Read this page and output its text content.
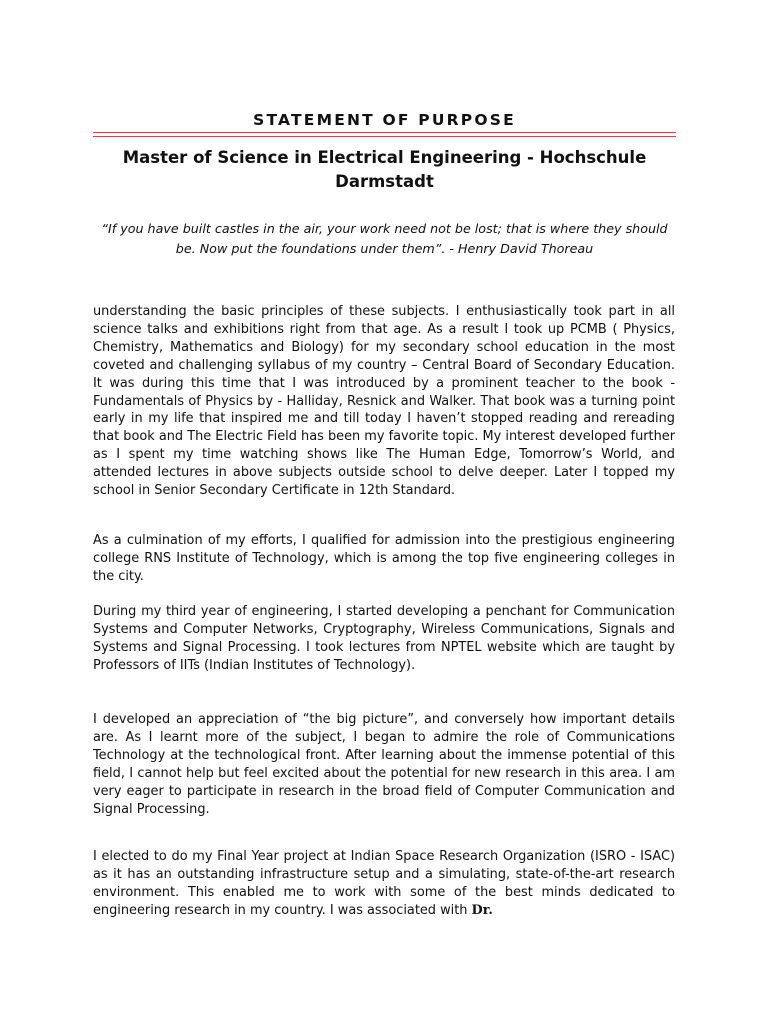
STATEMENT OF PURPOSE
Master of Science in Electrical Engineering - Hochschule Darmstadt
“If you have built castles in the air, your work need not be lost; that is where they should be. Now put the foundations under them”. - Henry David Thoreau

understanding the basic principles of these subjects. I enthusiastically took part in all science talks and exhibitions right from that age. As a result I took up PCMB ( Physics, Chemistry, Mathematics and Biology) for my secondary school education in the most coveted and challenging syllabus of my country – Central Board of Secondary Education. It was during this time that I was introduced by a prominent teacher to the book - Fundamentals of Physics by - Halliday, Resnick and Walker. That book was a turning point early in my life that inspired me and till today I haven’t stopped reading and rereading that book and The Electric Field has been my favorite topic. My interest developed further as I spent my time watching shows like The Human Edge, Tomorrow’s World, and attended lectures in above subjects outside school to delve deeper. Later I topped my school in Senior Secondary Certificate in 12th Standard.

As a culmination of my efforts, I qualified for admission into the prestigious engineering college RNS Institute of Technology, which is among the top five engineering colleges in the city.

During my third year of engineering, I started developing a penchant for Communication Systems and Computer Networks, Cryptography, Wireless Communications, Signals and Systems and Signal Processing. I took lectures from NPTEL website which are taught by Professors of IITs (Indian Institutes of Technology).

I developed an appreciation of “the big picture”, and conversely how important details are. As I learnt more of the subject, I began to admire the role of Communications Technology at the technological front. After learning about the immense potential of this field, I cannot help but feel excited about the potential for new research in this area. I am very eager to participate in research in the broad field of Computer Communication and Signal Processing.

I elected to do my Final Year project at Indian Space Research Organization (ISRO - ISAC) as it has an outstanding infrastructure setup and a simulating, state-of-the-art research environment. This enabled me to work with some of the best minds dedicated to engineering research in my country. I was associated with Dr.
